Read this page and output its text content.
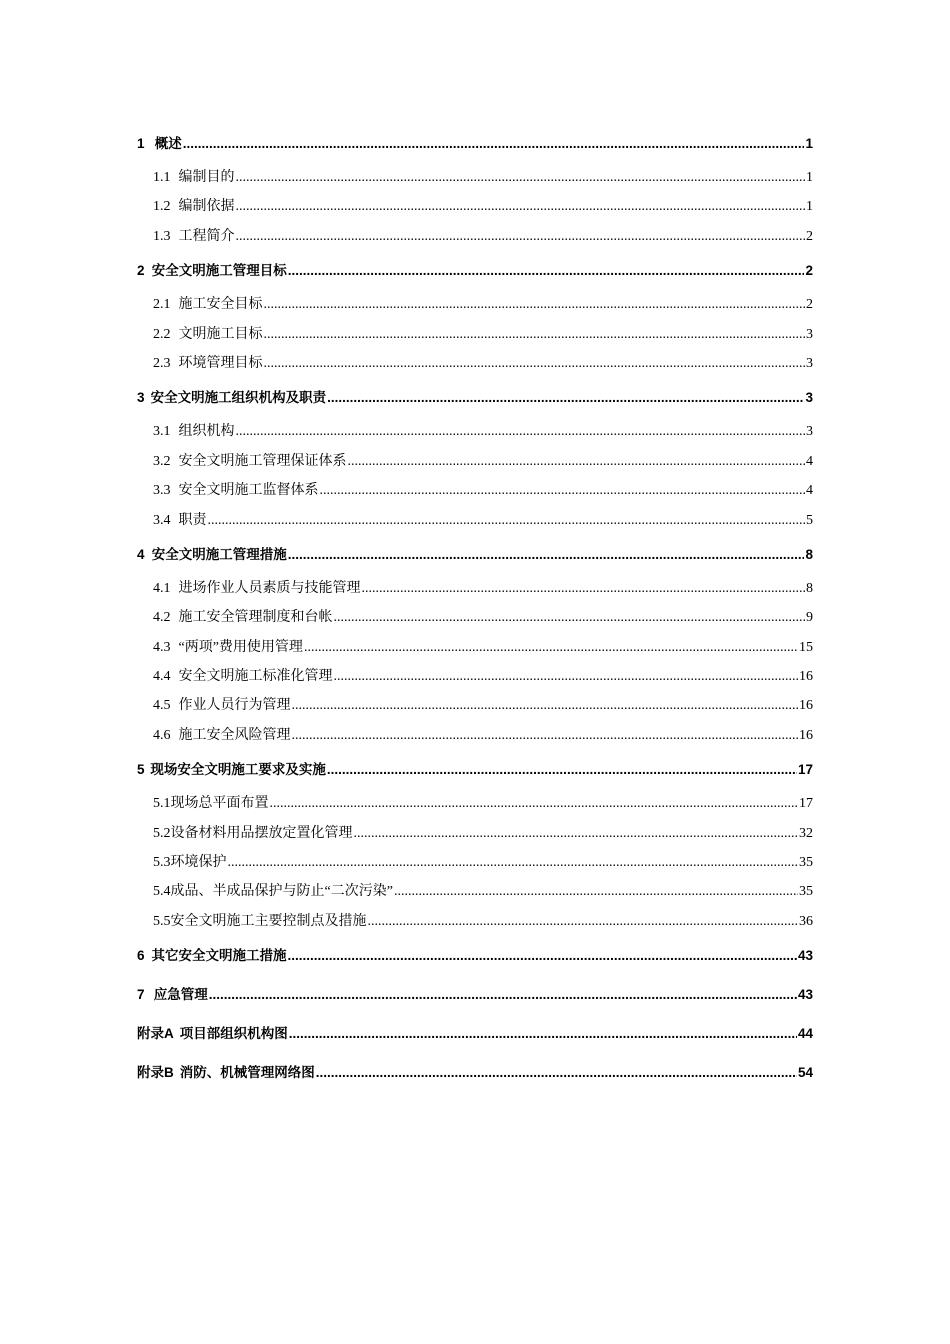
1 概述 .....	1
1.1 编制目的 .....	1
1.2 编制依据 .....	1
1.3 工程简介 .....	2
2 安全文明施工管理目标 .....	2
2.1 施工安全目标 .....	2
2.2 文明施工目标 .....	3
2.3 环境管理目标 .....	3
3 安全文明施工组织机构及职责 .....	3
3.1 组织机构 .....	3
3.2 安全文明施工管理保证体系 .....	4
3.3 安全文明施工监督体系 .....	4
3.4 职责 .....	5
4 安全文明施工管理措施 .....	8
4.1 进场作业人员素质与技能管理 .....	8
4.2 施工安全管理制度和台帐 .....	9
4.3 “两项”费用使用管理 .....	15
4.4 安全文明施工标准化管理 .....	16
4.5 作业人员行为管理 .....	16
4.6 施工安全风险管理 .....	16
5 现场安全文明施工要求及实施 .....	17
5.1 现场总平面布置 .....	17
5.2 设备材料用品摆放定置化管理 .....	32
5.3 环境保护 .....	35
5.4 成品、半成品保护与防止“二次污染” .....	35
5.5 安全文明施工主要控制点及措施 .....	36
6 其它安全文明施工措施 .....	43
7 应急管理 .....	43
附录A 项目部组织机构图 .....	44
附录B 消防、机械管理网络图 .....	54
